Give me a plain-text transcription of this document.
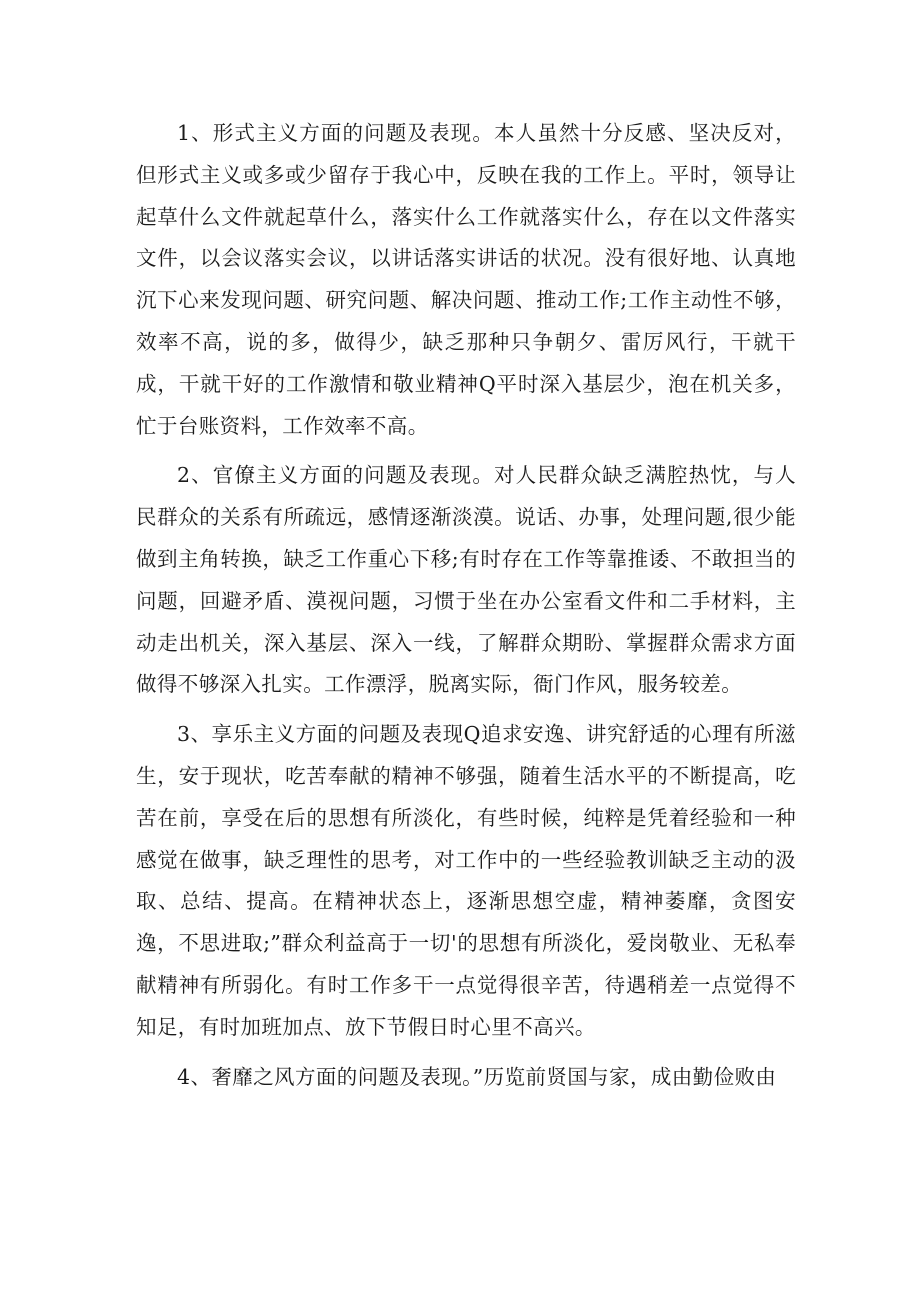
1、形式主义方面的问题及表现。本人虽然十分反感、坚决反对，但形式主义或多或少留存于我心中，反映在我的工作上。平时，领导让起草什么文件就起草什么，落实什么工作就落实什么，存在以文件落实文件，以会议落实会议，以讲话落实讲话的状况。没有很好地、认真地沉下心来发现问题、研究问题、解决问题、推动工作;工作主动性不够，效率不高，说的多，做得少，缺乏那种只争朝夕、雷厉风行，干就干成，干就干好的工作激情和敬业精神Q平时深入基层少，泡在机关多，忙于台账资料，工作效率不高。

2、官僚主义方面的问题及表现。对人民群众缺乏满腔热忱，与人民群众的关系有所疏远，感情逐渐淡漠。说话、办事，处理问题,很少能做到主角转换，缺乏工作重心下移;有时存在工作等靠推诿、不敢担当的问题，回避矛盾、漠视问题，习惯于坐在办公室看文件和二手材料，主动走出机关，深入基层、深入一线，了解群众期盼、掌握群众需求方面做得不够深入扎实。工作漂浮，脱离实际，衙门作风，服务较差。

3、享乐主义方面的问题及表现Q追求安逸、讲究舒适的心理有所滋生，安于现状，吃苦奉献的精神不够强，随着生活水平的不断提高，吃苦在前，享受在后的思想有所淡化，有些时候，纯粹是凭着经验和一种感觉在做事，缺乏理性的思考，对工作中的一些经验教训缺乏主动的汲取、总结、提高。在精神状态上，逐渐思想空虚，精神萎靡，贪图安逸，不思进取;”群众利益高于一切'的思想有所淡化，爱岗敬业、无私奉献精神有所弱化。有时工作多干一点觉得很辛苦，待遇稍差一点觉得不知足，有时加班加点、放下节假日时心里不高兴。

4、奢靡之风方面的问题及表现。”历览前贤国与家，成由勤俭败由
